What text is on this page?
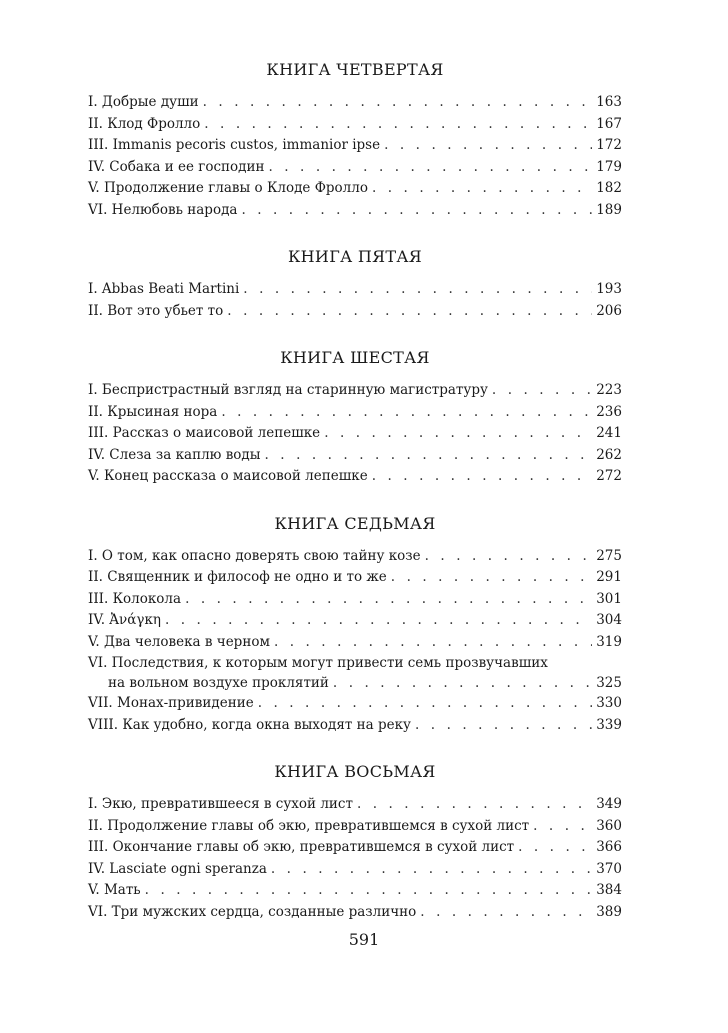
КНИГА ЧЕТВЕРТАЯ
I. Добрые души . . .	163
II. Клод Фролло . . .	167
III. Immanis pecoris custos, immanior ipse . . .	172
IV. Собака и ее господин . . .	179
V. Продолжение главы о Клоде Фролло . . .	182
VI. Нелюбовь народа . . .	189
КНИГА ПЯТАЯ
I. Abbas Beati Martini . . .	193
II. Вот это убьет то . . .	206
КНИГА ШЕСТАЯ
I. Беспристрастный взгляд на старинную магистратуру . . .	223
II. Крысиная нора . . .	236
III. Рассказ о маисовой лепешке . . .	241
IV. Слеза за каплю воды . . .	262
V. Конец рассказа о маисовой лепешке . . .	272
КНИГА СЕДЬМАЯ
I. О том, как опасно доверять свою тайну козе . . .	275
II. Священник и философ не одно и то же . . .	291
III. Колокола . . .	301
IV. Ἀνάγκη . . .	304
V. Два человека в черном . . .	319
VI. Последствия, к которым могут привести семь прозвучавших
на вольном воздухе проклятий . . .	325
VII. Монах-привидение . . .	330
VIII. Как удобно, когда окна выходят на реку . . .	339
КНИГА ВОСЬМАЯ
I. Экю, превратившееся в сухой лист . . .	349
II. Продолжение главы об экю, превратившемся в сухой лист . . .	360
III. Окончание главы об экю, превратившемся в сухой лист . . .	366
IV. Lasciate ogni speranza . . .	370
V. Мать . . .	384
VI. Три мужских сердца, созданные различно . . .	389
591
